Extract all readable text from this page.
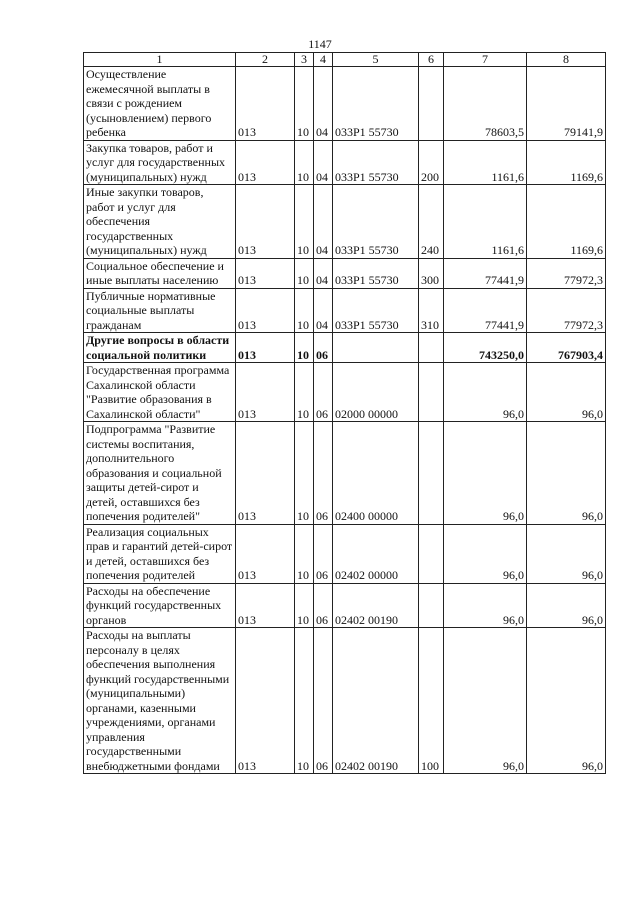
1147
1	2	3	4	5	6	7	8
Осуществление ежемесячной выплаты в связи с рождением (усыновлением) первого ребенка	013	10	04	033P1 55730		78603,5	79141,9
Закупка товаров, работ и услуг для государственных (муниципальных) нужд	013	10	04	033P1 55730	200	1161,6	1169,6
Иные закупки товаров, работ и услуг для обеспечения государственных (муниципальных) нужд	013	10	04	033P1 55730	240	1161,6	1169,6
Социальное обеспечение и иные выплаты населению	013	10	04	033P1 55730	300	77441,9	77972,3
Публичные нормативные социальные выплаты гражданам	013	10	04	033P1 55730	310	77441,9	77972,3
Другие вопросы в области социальной политики	013	10	06			743250,0	767903,4
Государственная программа Сахалинской области "Развитие образования в Сахалинской области"	013	10	06	02000 00000		96,0	96,0
Подпрограмма "Развитие системы воспитания, дополнительного образования и социальной защиты детей-сирот и детей, оставшихся без попечения родителей"	013	10	06	02400 00000		96,0	96,0
Реализация социальных прав и гарантий детей-сирот и детей, оставшихся без попечения родителей	013	10	06	02402 00000		96,0	96,0
Расходы на обеспечение функций государственных органов	013	10	06	02402 00190		96,0	96,0
Расходы на выплаты персоналу в целях обеспечения выполнения функций государственными (муниципальными) органами, казенными учреждениями, органами управления государственными внебюджетными фондами	013	10	06	02402 00190	100	96,0	96,0
